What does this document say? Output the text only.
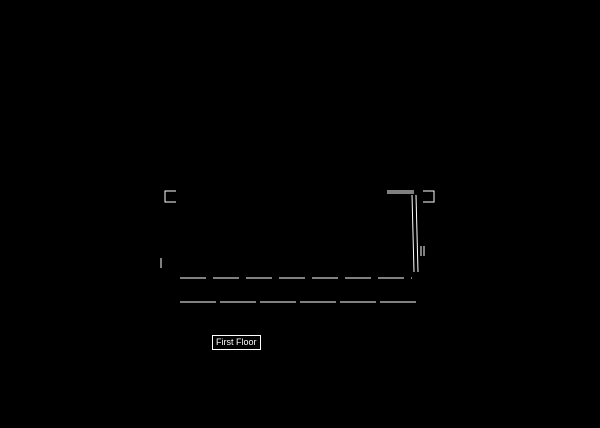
First Floor
